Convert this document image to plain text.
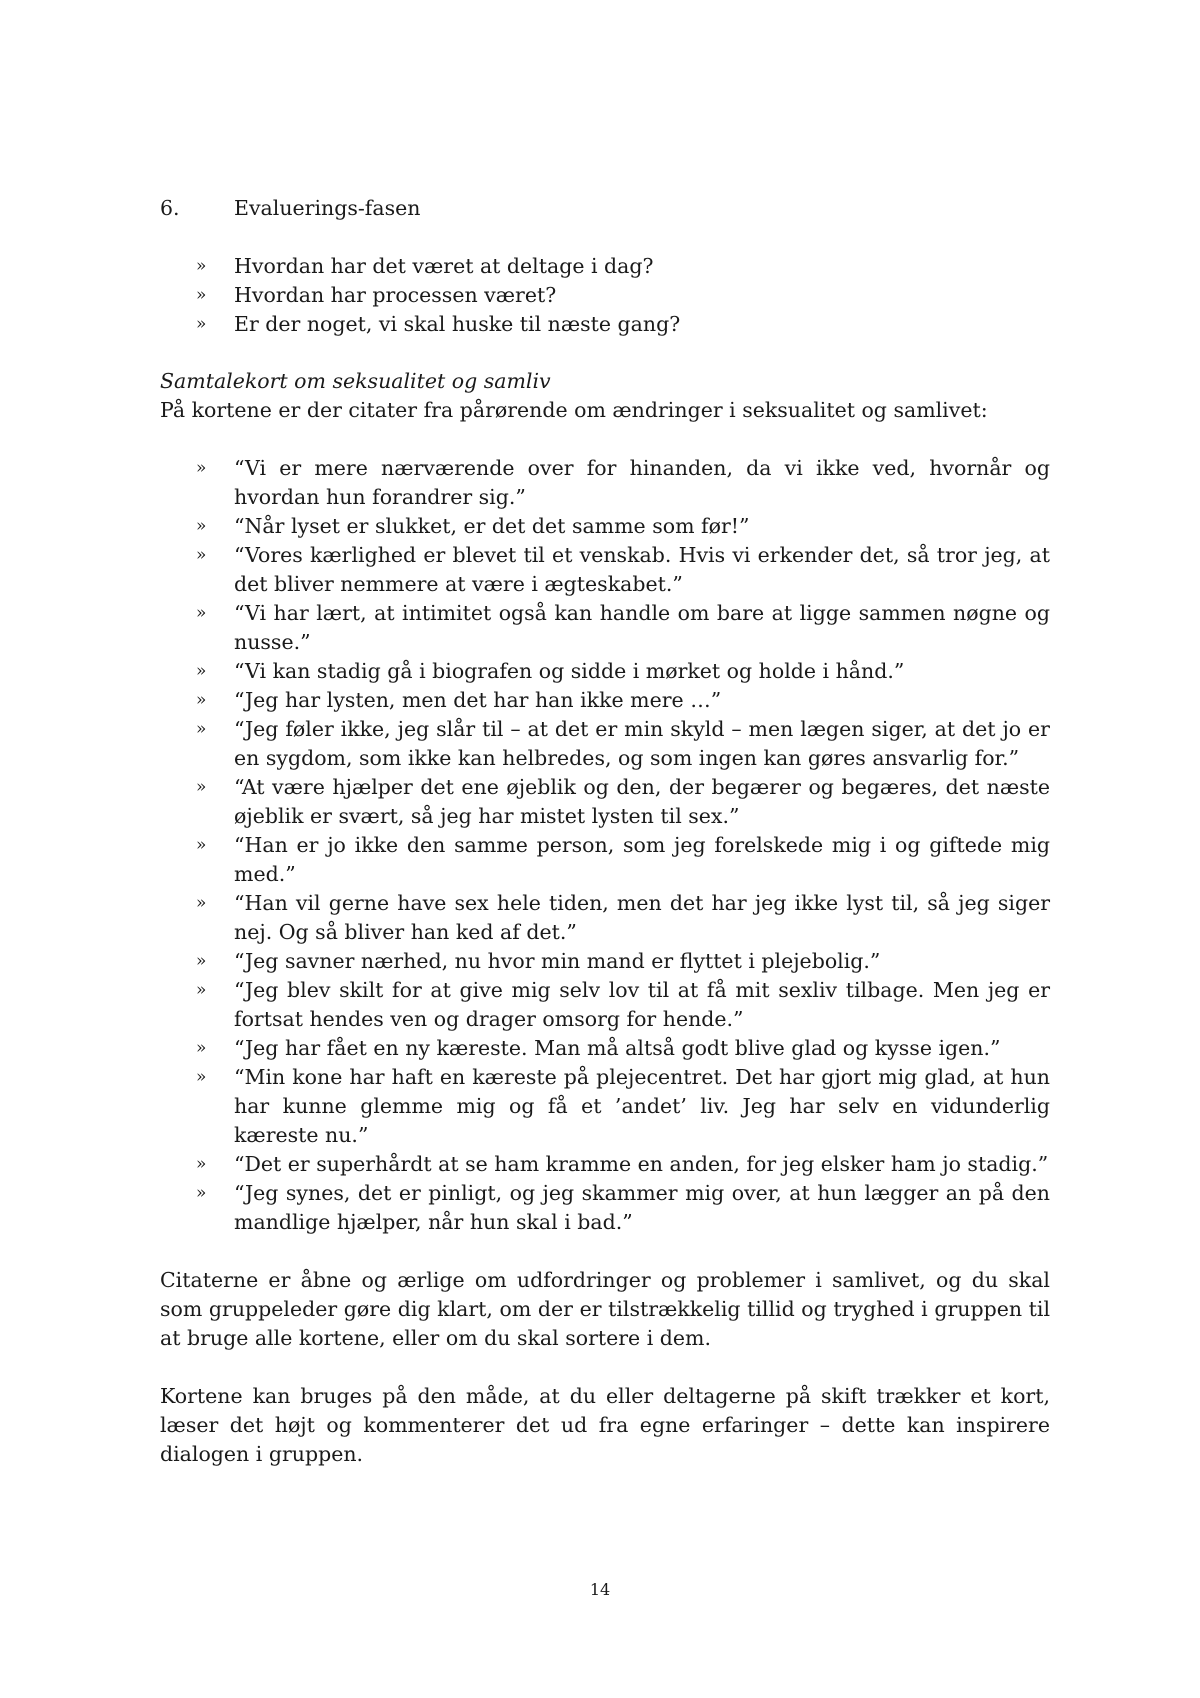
6.	Evaluerings-fasen
»	Hvordan har det været at deltage i dag?
»	Hvordan har processen været?
»	Er der noget, vi skal huske til næste gang?
Samtalekort om seksualitet og samliv
På kortene er der citater fra pårørende om ændringer i seksualitet og samlivet:
»	“Vi er mere nærværende over for hinanden, da vi ikke ved, hvornår og hvordan hun forandrer sig.”
»	“Når lyset er slukket, er det det samme som før!”
»	“Vores kærlighed er blevet til et venskab. Hvis vi erkender det, så tror jeg, at det bliver nemmere at være i ægteskabet.”
»	“Vi har lært, at intimitet også kan handle om bare at ligge sammen nøgne og nusse.”
»	“Vi kan stadig gå i biografen og sidde i mørket og holde i hånd.”
»	“Jeg har lysten, men det har han ikke mere …”
»	“Jeg føler ikke, jeg slår til – at det er min skyld – men lægen siger, at det jo er en sygdom, som ikke kan helbredes, og som ingen kan gøres ansvarlig for.”
»	“At være hjælper det ene øjeblik og den, der begærer og begæres, det næste øjeblik er svært, så jeg har mistet lysten til sex.”
»	“Han er jo ikke den samme person, som jeg forelskede mig i og giftede mig med.”
»	“Han vil gerne have sex hele tiden, men det har jeg ikke lyst til, så jeg siger nej. Og så bliver han ked af det.”
»	“Jeg savner nærhed, nu hvor min mand er flyttet i plejebolig.”
»	“Jeg blev skilt for at give mig selv lov til at få mit sexliv tilbage. Men jeg er fortsat hendes ven og drager omsorg for hende.”
»	“Jeg har fået en ny kæreste. Man må altså godt blive glad og kysse igen.”
»	“Min kone har haft en kæreste på plejecentret. Det har gjort mig glad, at hun har kunne glemme mig og få et ’andet’ liv. Jeg har selv en vidunderlig kæreste nu.”
»	“Det er superhårdt at se ham kramme en anden, for jeg elsker ham jo stadig.”
»	“Jeg synes, det er pinligt, og jeg skammer mig over, at hun lægger an på den mandlige hjælper, når hun skal i bad.”

Citaterne er åbne og ærlige om udfordringer og problemer i samlivet, og du skal som gruppeleder gøre dig klart, om der er tilstrækkelig tillid og tryghed i gruppen til at bruge alle kortene, eller om du skal sortere i dem.

Kortene kan bruges på den måde, at du eller deltagerne på skift trækker et kort, læser det højt og kommenterer det ud fra egne erfaringer – dette kan inspirere dialogen i gruppen.

14
